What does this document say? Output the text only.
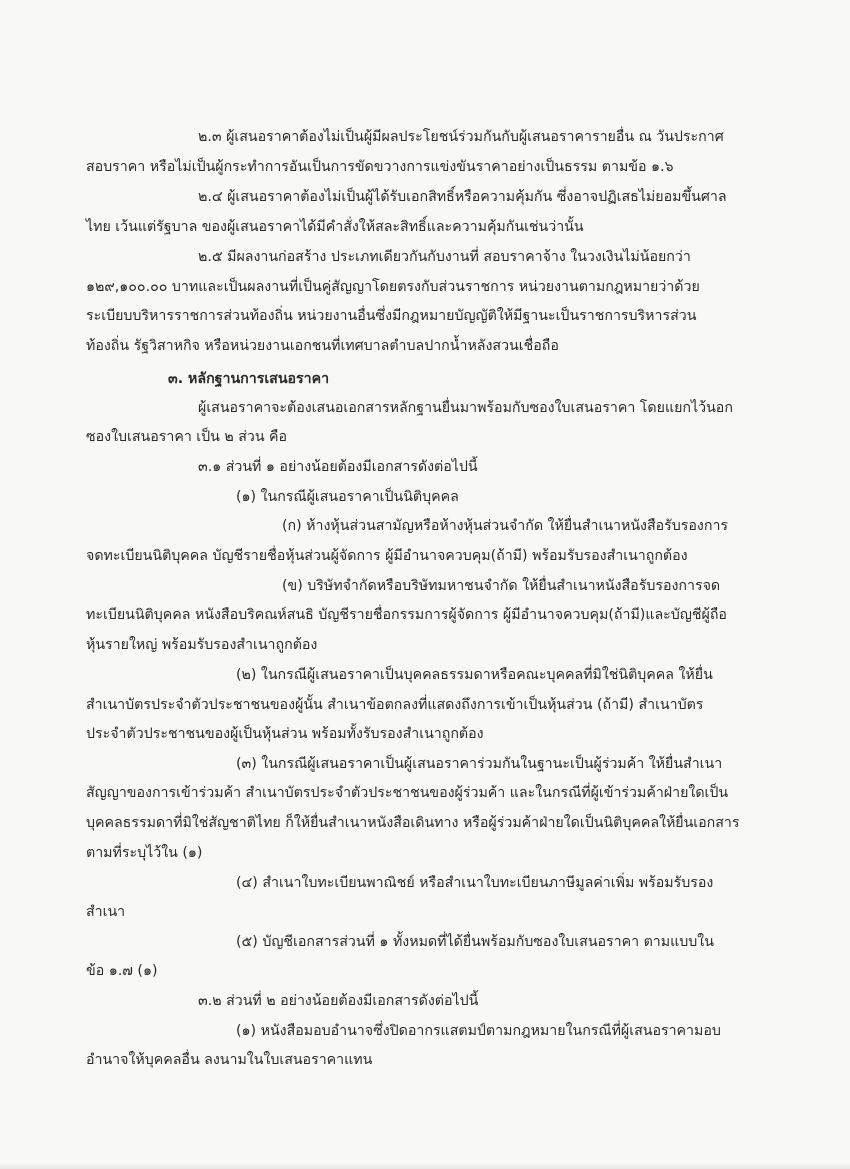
๒.๓ ผู้เสนอราคาต้องไม่เป็นผู้มีผลประโยชน์ร่วมกันกับผู้เสนอราคารายอื่น ณ วันประกาศ
สอบราคา หรือไม่เป็นผู้กระทำการอันเป็นการขัดขวางการแข่งขันราคาอย่างเป็นธรรม ตามข้อ ๑.๖
๒.๔ ผู้เสนอราคาต้องไม่เป็นผู้ได้รับเอกสิทธิ์หรือความคุ้มกัน ซึ่งอาจปฏิเสธไม่ยอมขึ้นศาล
ไทย เว้นแต่รัฐบาล ของผู้เสนอราคาได้มีคำสั่งให้สละสิทธิ์และความคุ้มกันเช่นว่านั้น
๒.๕ มีผลงานก่อสร้าง ประเภทเดียวกันกับงานที่ สอบราคาจ้าง ในวงเงินไม่น้อยกว่า
๑๒๙,๑๐๐.๐๐ บาทและเป็นผลงานที่เป็นคู่สัญญาโดยตรงกับส่วนราชการ หน่วยงานตามกฎหมายว่าด้วย
ระเบียบบริหารราชการส่วนท้องถิ่น หน่วยงานอื่นซึ่งมีกฎหมายบัญญัติให้มีฐานะเป็นราชการบริหารส่วน
ท้องถิ่น รัฐวิสาหกิจ หรือหน่วยงานเอกชนที่เทศบาลตำบลปากน้ำหลังสวนเชื่อถือ
๓. หลักฐานการเสนอราคา
ผู้เสนอราคาจะต้องเสนอเอกสารหลักฐานยื่นมาพร้อมกับซองใบเสนอราคา โดยแยกไว้นอก
ซองใบเสนอราคา เป็น ๒ ส่วน คือ
๓.๑ ส่วนที่ ๑ อย่างน้อยต้องมีเอกสารดังต่อไปนี้
(๑) ในกรณีผู้เสนอราคาเป็นนิติบุคคล
(ก) ห้างหุ้นส่วนสามัญหรือห้างหุ้นส่วนจำกัด ให้ยื่นสำเนาหนังสือรับรองการ
จดทะเบียนนิติบุคคล บัญชีรายชื่อหุ้นส่วนผู้จัดการ ผู้มีอำนาจควบคุม(ถ้ามี) พร้อมรับรองสำเนาถูกต้อง
(ข) บริษัทจำกัดหรือบริษัทมหาชนจำกัด ให้ยื่นสำเนาหนังสือรับรองการจด
ทะเบียนนิติบุคคล หนังสือบริคณห์สนธิ บัญชีรายชื่อกรรมการผู้จัดการ ผู้มีอำนาจควบคุม(ถ้ามี)และบัญชีผู้ถือ
หุ้นรายใหญ่ พร้อมรับรองสำเนาถูกต้อง
(๒) ในกรณีผู้เสนอราคาเป็นบุคคลธรรมดาหรือคณะบุคคลที่มิใช่นิติบุคคล ให้ยื่น
สำเนาบัตรประจำตัวประชาชนของผู้นั้น สำเนาข้อตกลงที่แสดงถึงการเข้าเป็นหุ้นส่วน (ถ้ามี) สำเนาบัตร
ประจำตัวประชาชนของผู้เป็นหุ้นส่วน พร้อมทั้งรับรองสำเนาถูกต้อง
(๓) ในกรณีผู้เสนอราคาเป็นผู้เสนอราคาร่วมกันในฐานะเป็นผู้ร่วมค้า ให้ยื่นสำเนา
สัญญาของการเข้าร่วมค้า สำเนาบัตรประจำตัวประชาชนของผู้ร่วมค้า และในกรณีที่ผู้เข้าร่วมค้าฝ่ายใดเป็น
บุคคลธรรมดาที่มิใช่สัญชาติไทย ก็ให้ยื่นสำเนาหนังสือเดินทาง หรือผู้ร่วมค้าฝ่ายใดเป็นนิติบุคคลให้ยื่นเอกสาร
ตามที่ระบุไว้ใน (๑)
(๔) สำเนาใบทะเบียนพาณิชย์ หรือสำเนาใบทะเบียนภาษีมูลค่าเพิ่ม พร้อมรับรอง
สำเนา
(๕) บัญชีเอกสารส่วนที่ ๑ ทั้งหมดที่ได้ยื่นพร้อมกับซองใบเสนอราคา ตามแบบใน
ข้อ ๑.๗ (๑)
๓.๒ ส่วนที่ ๒ อย่างน้อยต้องมีเอกสารดังต่อไปนี้
(๑) หนังสือมอบอำนาจซึ่งปิดอากรแสตมป์ตามกฎหมายในกรณีที่ผู้เสนอราคามอบ
อำนาจให้บุคคลอื่น ลงนามในใบเสนอราคาแทน
